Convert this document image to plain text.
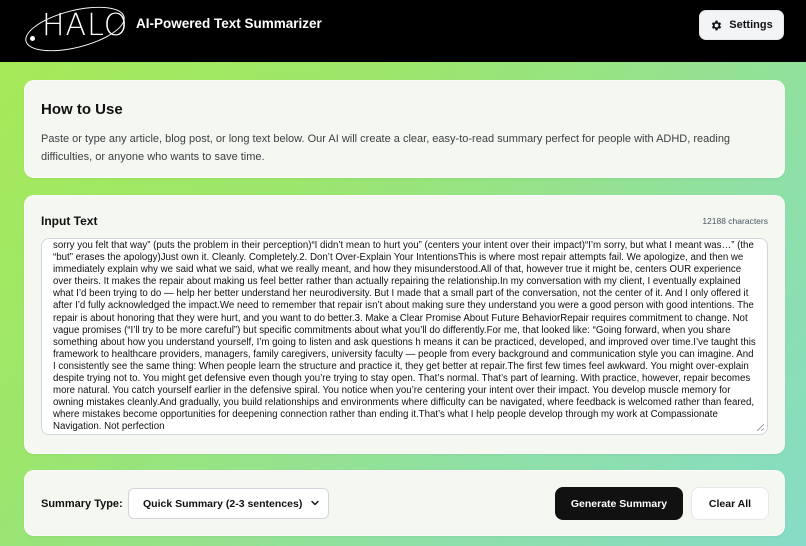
HALO AI-Powered Text Summarizer	Settings
How to Use

Paste or type any article, blog post, or long text below. Our AI will create a clear, easy-to-read summary perfect for people with ADHD, reading difficulties, or anyone who wants to save time.

Input Text	12188 characters
sorry you felt that way” (puts the problem in their perception)“I didn’t mean to hurt you” (centers your intent over their impact)“I’m sorry, but what I meant was…” (the “but” erases the apology)Just own it. Cleanly. Completely.2. Don’t Over-Explain Your IntentionsThis is where most repair attempts fail. We apologize, and then we immediately explain why we said what we said, what we really meant, and how they misunderstood.All of that, however true it might be, centers OUR experience over theirs. It makes the repair about making us feel better rather than actually repairing the relationship.In my conversation with my client, I eventually explained what I’d been trying to do — help her better understand her neurodiversity. But I made that a small part of the conversation, not the center of it. And I only offered it after I’d fully acknowledged the impact.We need to remember that repair isn’t about making sure they understand you were a good person with good intentions. The repair is about honoring that they were hurt, and you want to do better.3. Make a Clear Promise About Future BehaviorRepair requires commitment to change. Not vague promises (“I’ll try to be more careful”) but specific commitments about what you’ll do differently.For me, that looked like: “Going forward, when you share something about how you understand yourself, I’m going to listen and ask questions h means it can be practiced, developed, and improved over time.I’ve taught this framework to healthcare providers, managers, family caregivers, university faculty — people from every background and communication style you can imagine. And I consistently see the same thing: When people learn the structure and practice it, they get better at repair.The first few times feel awkward. You might over-explain despite trying not to. You might get defensive even though you’re trying to stay open. That’s normal. That’s part of learning. With practice, however, repair becomes more natural. You catch yourself earlier in the defensive spiral. You notice when you’re centering your intent over their impact. You develop muscle memory for owning mistakes cleanly.And gradually, you build relationships and environments where difficulty can be navigated, where feedback is welcomed rather than feared, where mistakes become opportunities for deepening connection rather than ending it.That’s what I help people develop through my work at Compassionate Navigation. Not perfection
Summary Type: Quick Summary (2-3 sentences)	Generate Summary	Clear All
